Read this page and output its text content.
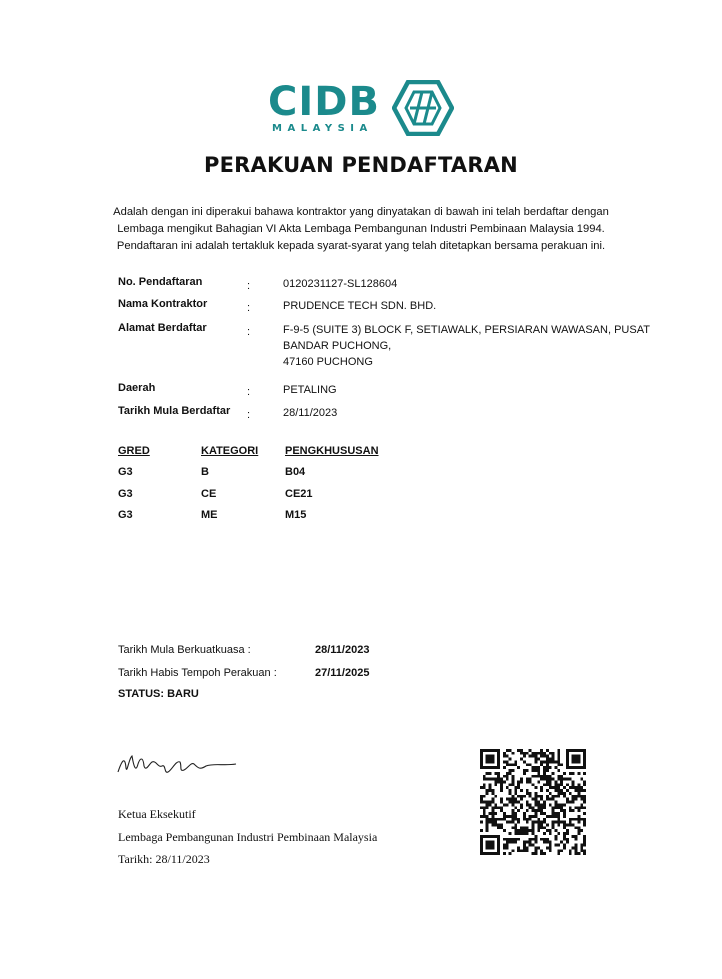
CIDB
MALAYSIA
PERAKUAN PENDAFTARAN
Adalah dengan ini diperakui bahawa kontraktor yang dinyatakan di bawah ini telah berdaftar dengan
Lembaga mengikut Bahagian VI Akta Lembaga Pembangunan Industri Pembinaan Malaysia 1994.
Pendaftaran ini adalah tertakluk kepada syarat-syarat yang telah ditetapkan bersama perakuan ini.
No. Pendaftaran	:	0120231127-SL128604
Nama Kontraktor	:	PRUDENCE TECH SDN. BHD.
Alamat Berdaftar	:	F-9-5 (SUITE 3) BLOCK F, SETIAWALK, PERSIARAN WAWASAN, PUSAT
BANDAR PUCHONG,
47160 PUCHONG
Daerah	:	PETALING
Tarikh Mula Berdaftar :	28/11/2023
GRED	KATEGORI PENGKHUSUSAN
G3	B	B04
G3	CE	CE21
G3	ME	M15
Tarikh Mula Berkuatkuasa :	28/11/2023
Tarikh Habis Tempoh Perakuan :	27/11/2025
STATUS: BARU
Ketua Eksekutif
Lembaga Pembangunan Industri Pembinaan Malaysia
Tarikh: 28/11/2023
